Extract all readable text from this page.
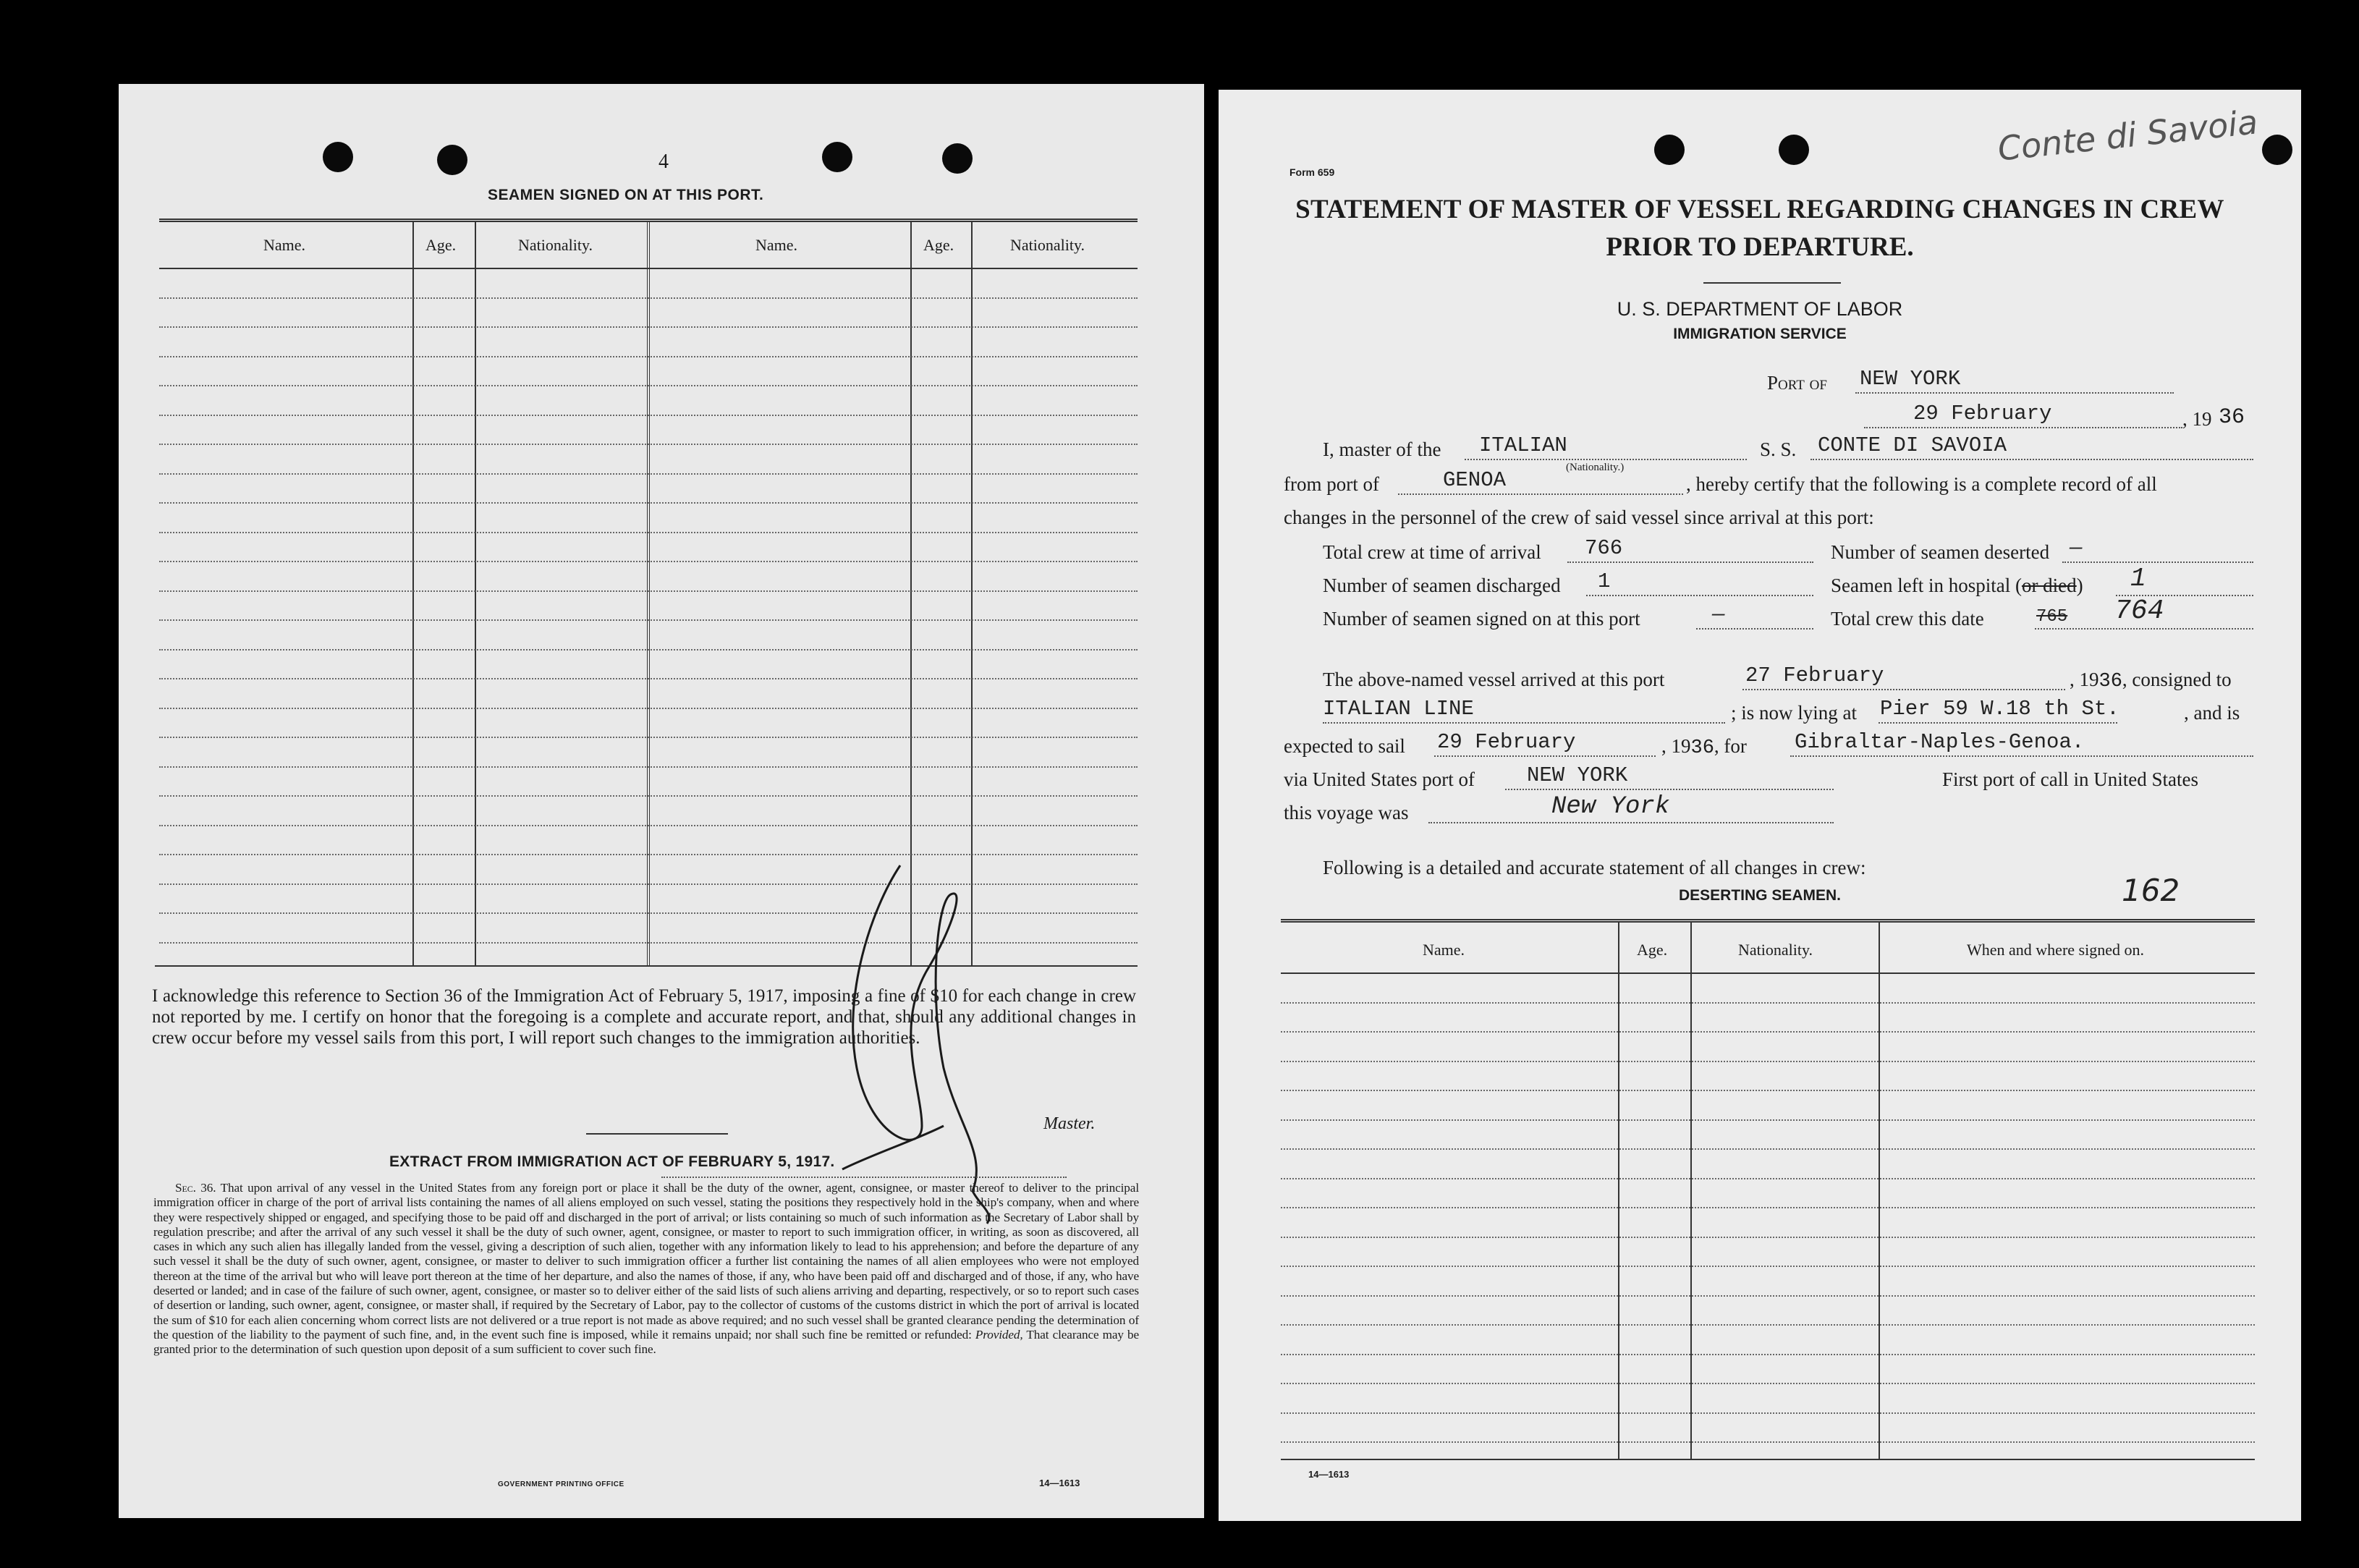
4
SEAMEN SIGNED ON AT THIS PORT.
Name.	Age.	Nationality.	Name.	Age.	Nationality.
I acknowledge this reference to Section 36 of the Immigration Act of February 5, 1917, imposing a fine of $10 for each change in crew not reported by me. I certify on honor that the foregoing is a complete and accurate report, and that, should any additional changes in crew occur before my vessel sails from this port, I will report such changes to the immigration authorities.
Master.
EXTRACT FROM IMMIGRATION ACT OF FEBRUARY 5, 1917.
Sec. 36. That upon arrival of any vessel in the United States from any foreign port or place it shall be the duty of the owner, agent, consignee, or master thereof to deliver to the principal immigration officer in charge of the port of arrival lists containing the names of all aliens employed on such vessel, stating the positions they respectively hold in the ship's company, when and where they were respectively shipped or engaged, and specifying those to be paid off and discharged in the port of arrival; or lists containing so much of such information as the Secretary of Labor shall by regulation prescribe; and after the arrival of any such vessel it shall be the duty of such owner, agent, consignee, or master to report to such immigration officer, in writing, as soon as discovered, all cases in which any such alien has illegally landed from the vessel, giving a description of such alien, together with any information likely to lead to his apprehension; and before the departure of any such vessel it shall be the duty of such owner, agent, consignee, or master to deliver to such immigration officer a further list containing the names of all alien employees who were not employed thereon at the time of the arrival but who will leave port thereon at the time of her departure, and also the names of those, if any, who have been paid off and discharged and of those, if any, who have deserted or landed; and in case of the failure of such owner, agent, consignee, or master so to deliver either of the said lists of such aliens arriving and departing, respectively, or so to report such cases of desertion or landing, such owner, agent, consignee, or master shall, if required by the Secretary of Labor, pay to the collector of customs of the customs district in which the port of arrival is located the sum of $10 for each alien concerning whom correct lists are not delivered or a true report is not made as above required; and no such vessel shall be granted clearance pending the determination of the question of the liability to the payment of such fine, and, in the event such fine is imposed, while it remains unpaid; nor shall such fine be remitted or refunded: Provided, That clearance may be granted prior to the determination of such question upon deposit of a sum sufficient to cover such fine.
GOVERNMENT PRINTING OFFICE	14—1613
Form 659
Conte di Savoia
STATEMENT OF MASTER OF VESSEL REGARDING CHANGES IN CREW
PRIOR TO DEPARTURE.
U. S. DEPARTMENT OF LABOR
IMMIGRATION SERVICE
Port of NEW YORK
29 February	, 19 36
I, master of the ITALIAN
(Nationality.)
S. S. CONTE DI SAVOIA
from port of	GENOA	, hereby certify that the following is a complete record of all
changes in the personnel of the crew of said vessel since arrival at this port:
Total crew at time of arrival 766	Number of seamen deserted —
Number of seamen discharged 1	Seamen left in hospital (or died) 1
Number of seamen signed on at this port	—	Total crew this date	765 764
The above-named vessel arrived at this port	27 February	, 1936, consigned to
ITALIAN LINE	; is now lying at Pier 59 W.18 th St.	, and is
expected to sail 29 February	, 1936, for Gibraltar-Naples-Genoa.
via United States port of NEW YORK	First port of call in United States
this voyage was	New York
Following is a detailed and accurate statement of all changes in crew:
DESERTING SEAMEN.	162
Name.	Age.	Nationality.	When and where signed on.
14—1613
